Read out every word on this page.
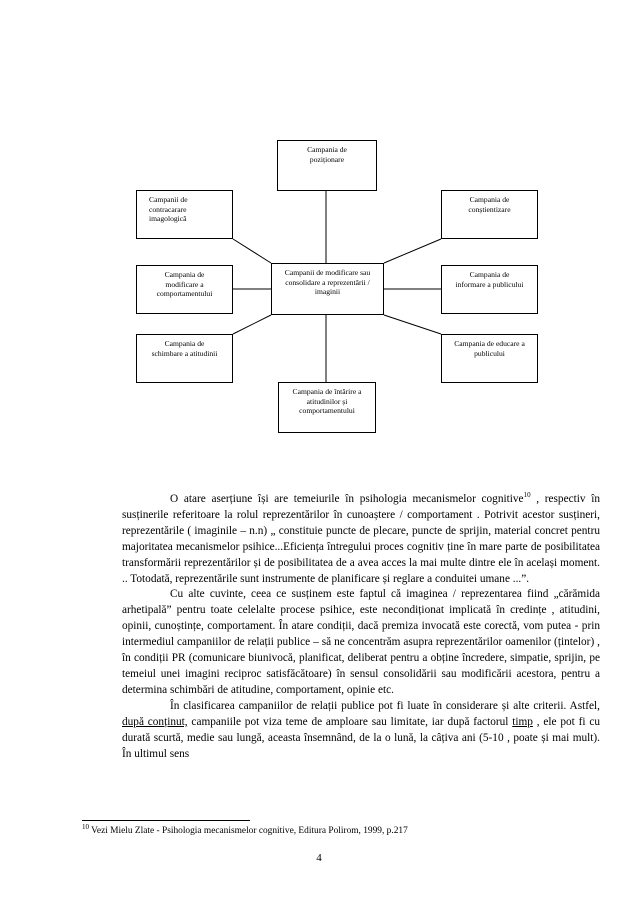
Campanii de modificare sau
consolidare a reprezentării /
imaginii
Campania de
poziționare
Campanii de
contracarare
imagologică
Campania de
conștientizare
Campania de
modificare a
comportamentului
Campania de
informare a publicului
Campania de
schimbare a atitudinii
Campania de educare a
publicului
Campania de întărire a
atitudinilor și
comportamentului

O atare aserțiune își are temeiurile în psihologia mecanismelor cognitive$^{10}$ , respectiv în susținerile referitoare la rolul reprezentărilor în cunoaștere / comportament . Potrivit acestor susțineri, reprezentările ( imaginile – n.n) „ constituie puncte de plecare, puncte de sprijin, material concret pentru majoritatea mecanismelor psihice...Eficiența întregului proces cognitiv ține în mare parte de posibilitatea transformării reprezentărilor și de posibilitatea de a avea acces la mai multe dintre ele în același moment. .. Totodată, reprezentările sunt instrumente de planificare și reglare a conduitei umane ...”.

Cu alte cuvinte, ceea ce susținem este faptul că imaginea / reprezentarea fiind „cărămida arhetipală” pentru toate celelalte procese psihice, este necondiționat implicată în credințe , atitudini, opinii, cunoștințe, comportament. În atare condiții, dacă premiza invocată este corectă, vom putea - prin intermediul campaniilor de relații publice – să ne concentrăm asupra reprezentărilor oamenilor (țintelor) , în condiții PR (comunicare biunivocă, planificat, deliberat pentru a obține încredere, simpatie, sprijin, pe temeiul unei imagini reciproc satisfăcătoare) în sensul consolidării sau modificării acestora, pentru a determina schimbări de atitudine, comportament, opinie etc.

În clasificarea campaniilor de relații publice pot fi luate în considerare și alte criterii. Astfel, după conținut, campaniile pot viza teme de amploare sau limitate, iar după factorul timp , ele pot fi cu durată scurtă, medie sau lungă, aceasta însemnând, de la o lună, la câțiva ani (5-10 , poate și mai mult). În ultimul sens

$^{10}$ Vezi Mielu Zlate - Psihologia mecanismelor cognitive, Editura Polirom, 1999, p.217
4
